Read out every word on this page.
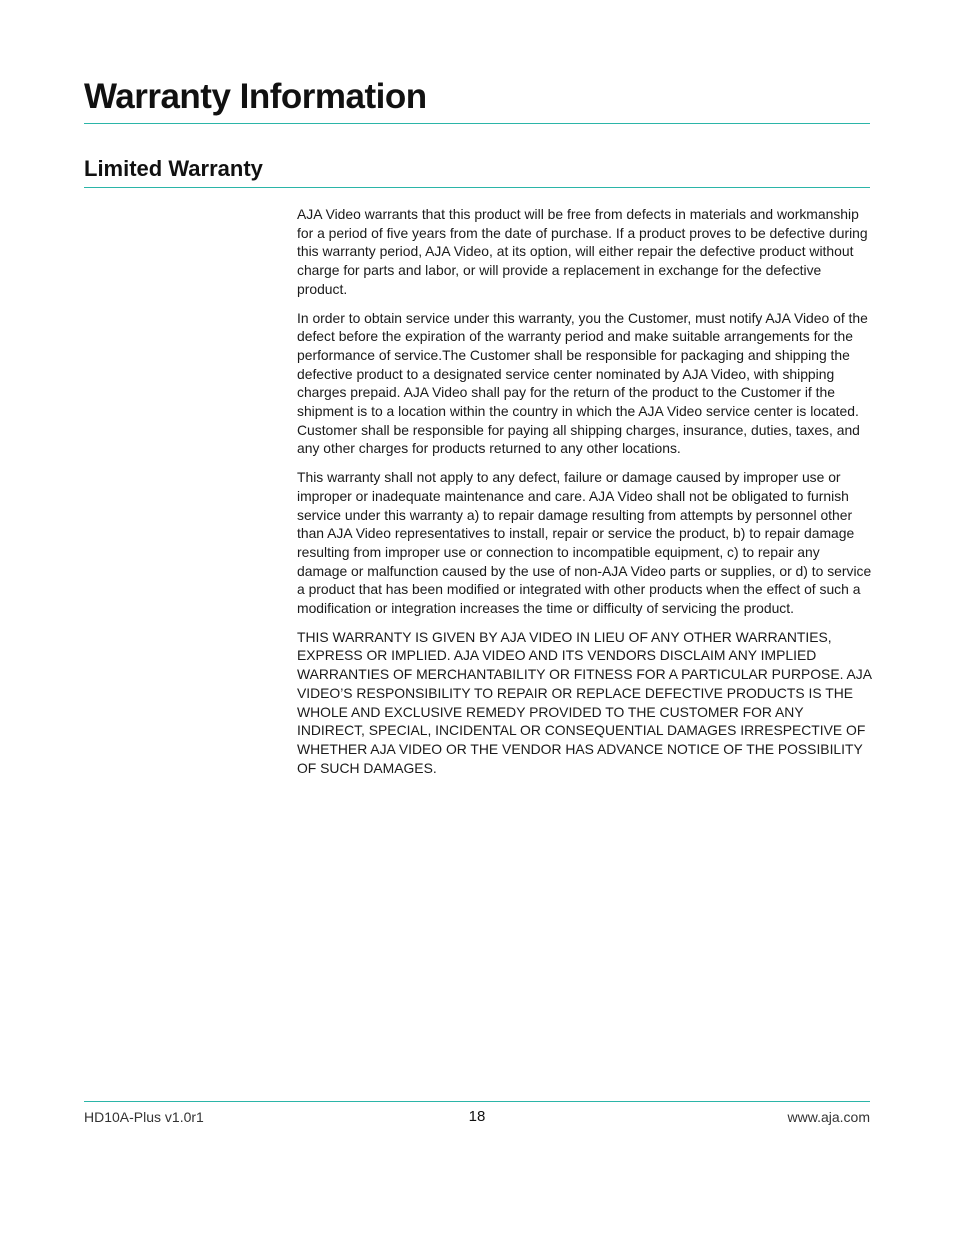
Warranty Information
Limited Warranty

AJA Video warrants that this product will be free from defects in materials and workmanship for a period of five years from the date of purchase. If a product proves to be defective during this warranty period, AJA Video, at its option, will either repair the defective product without charge for parts and labor, or will provide a replacement in exchange for the defective product.

In order to obtain service under this warranty, you the Customer, must notify AJA Video of the defect before the expiration of the warranty period and make suitable arrangements for the performance of service.The Customer shall be responsible for packaging and shipping the defective product to a designated service center nominated by AJA Video, with shipping charges prepaid. AJA Video shall pay for the return of the product to the Customer if the shipment is to a location within the country in which the AJA Video service center is located. Customer shall be responsible for paying all shipping charges, insurance, duties, taxes, and any other charges for products returned to any other locations.

This warranty shall not apply to any defect, failure or damage caused by improper use or improper or inadequate maintenance and care. AJA Video shall not be obligated to furnish service under this warranty a) to repair damage resulting from attempts by personnel other than AJA Video representatives to install, repair or service the product, b) to repair damage resulting from improper use or connection to incompatible equipment, c) to repair any damage or malfunction caused by the use of non-AJA Video parts or supplies, or d) to service a product that has been modified or integrated with other products when the effect of such a modification or integration increases the time or difficulty of servicing the product.

THIS WARRANTY IS GIVEN BY AJA VIDEO IN LIEU OF ANY OTHER WARRANTIES, EXPRESS OR IMPLIED. AJA VIDEO AND ITS VENDORS DISCLAIM ANY IMPLIED WARRANTIES OF MERCHANTABILITY OR FITNESS FOR A PARTICULAR PURPOSE. AJA VIDEO’S RESPONSIBILITY TO REPAIR OR REPLACE DEFECTIVE PRODUCTS IS THE WHOLE AND EXCLUSIVE REMEDY PROVIDED TO THE CUSTOMER FOR ANY INDIRECT, SPECIAL, INCIDENTAL OR CONSEQUENTIAL DAMAGES IRRESPECTIVE OF WHETHER AJA VIDEO OR THE VENDOR HAS ADVANCE NOTICE OF THE POSSIBILITY OF SUCH DAMAGES.

HD10A-Plus v1.0r1	18	www.aja.com
